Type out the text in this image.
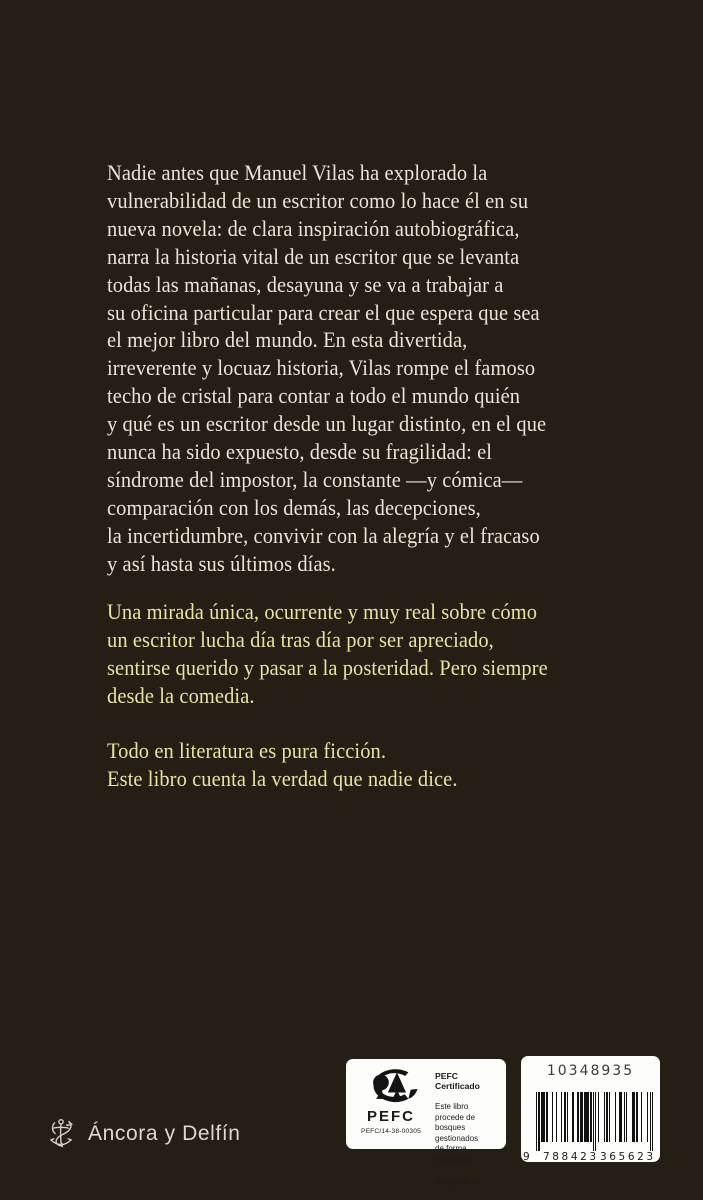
Nadie antes que Manuel Vilas ha explorado la
vulnerabilidad de un escritor como lo hace él en su
nueva novela: de clara inspiración autobiográfica,
narra la historia vital de un escritor que se levanta
todas las mañanas, desayuna y se va a trabajar a
su oficina particular para crear el que espera que sea
el mejor libro del mundo. En esta divertida,
irreverente y locuaz historia, Vilas rompe el famoso
techo de cristal para contar a todo el mundo quién
y qué es un escritor desde un lugar distinto, en el que
nunca ha sido expuesto, desde su fragilidad: el
síndrome del impostor, la constante —y cómica—
comparación con los demás, las decepciones,
la incertidumbre, convivir con la alegría y el fracaso
y así hasta sus últimos días.
Una mirada única, ocurrente y muy real sobre cómo
un escritor lucha día tras día por ser apreciado,
sentirse querido y pasar a la posteridad. Pero siempre
desde la comedia.
Todo en literatura es pura ficción.
Este libro cuenta la verdad que nadie dice.
Áncora y Delfín
PEFC
PEFC/14-38-00305
PEFC Certificado
Este libro procede de
bosques gestionados
de forma sostenible
www.pefc.es
10348935
9 788423 365623
